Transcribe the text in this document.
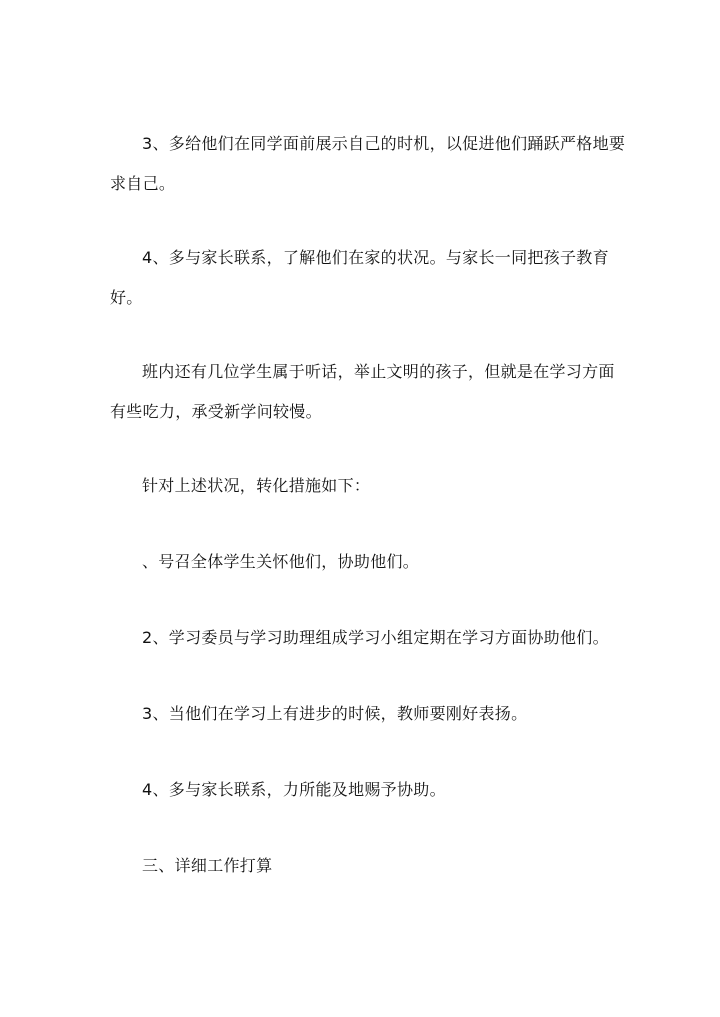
3、多给他们在同学面前展示自己的时机，以促进他们踊跃严格地要求自己。

4、多与家长联系，了解他们在家的状况。与家长一同把孩子教育好。

班内还有几位学生属于听话，举止文明的孩子，但就是在学习方面有些吃力，承受新学问较慢。

针对上述状况，转化措施如下：

、号召全体学生关怀他们，协助他们。

2、学习委员与学习助理组成学习小组定期在学习方面协助他们。

3、当他们在学习上有进步的时候，教师要刚好表扬。

4、多与家长联系，力所能及地赐予协助。

三、详细工作打算
